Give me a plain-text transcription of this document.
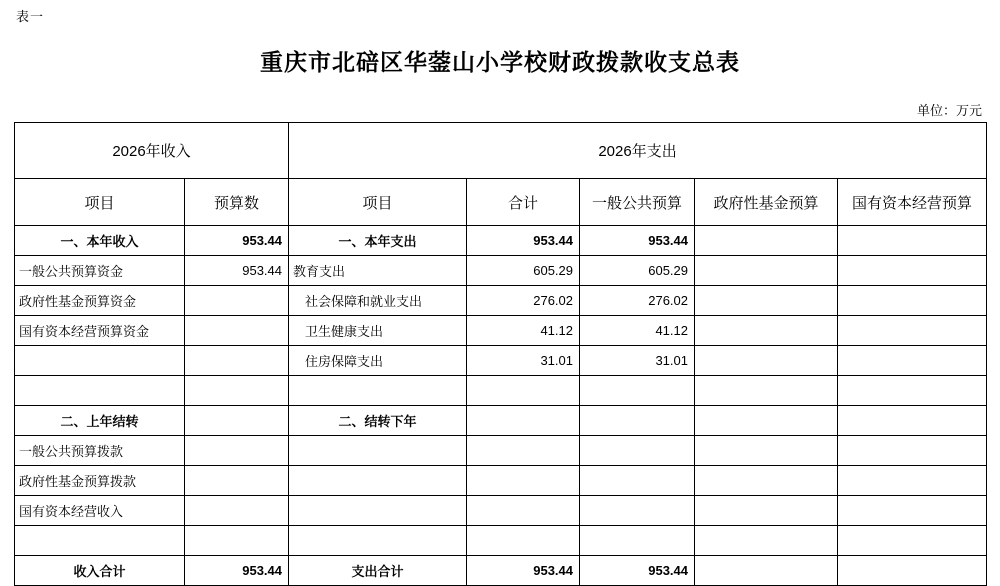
表一
重庆市北碚区华蓥山小学校财政拨款收支总表
单位：万元
2026年收入		2026年支出				
项目	预算数	项目	合计	一般公共预算	政府性基金预算	国有资本经营预算
一、本年收入	953.44	一、本年支出	953.44	953.44		
一般公共预算资金	953.44	教育支出	605.29	605.29		
政府性基金预算资金		社会保障和就业支出	276.02	276.02		
国有资本经营预算资金		卫生健康支出	41.12	41.12		
		住房保障支出	31.01	31.01		

二、上年结转		二、结转下年				
一般公共预算拨款						
政府性基金预算拨款						
国有资本经营收入						

收入合计	953.44	支出合计	953.44	953.44		
